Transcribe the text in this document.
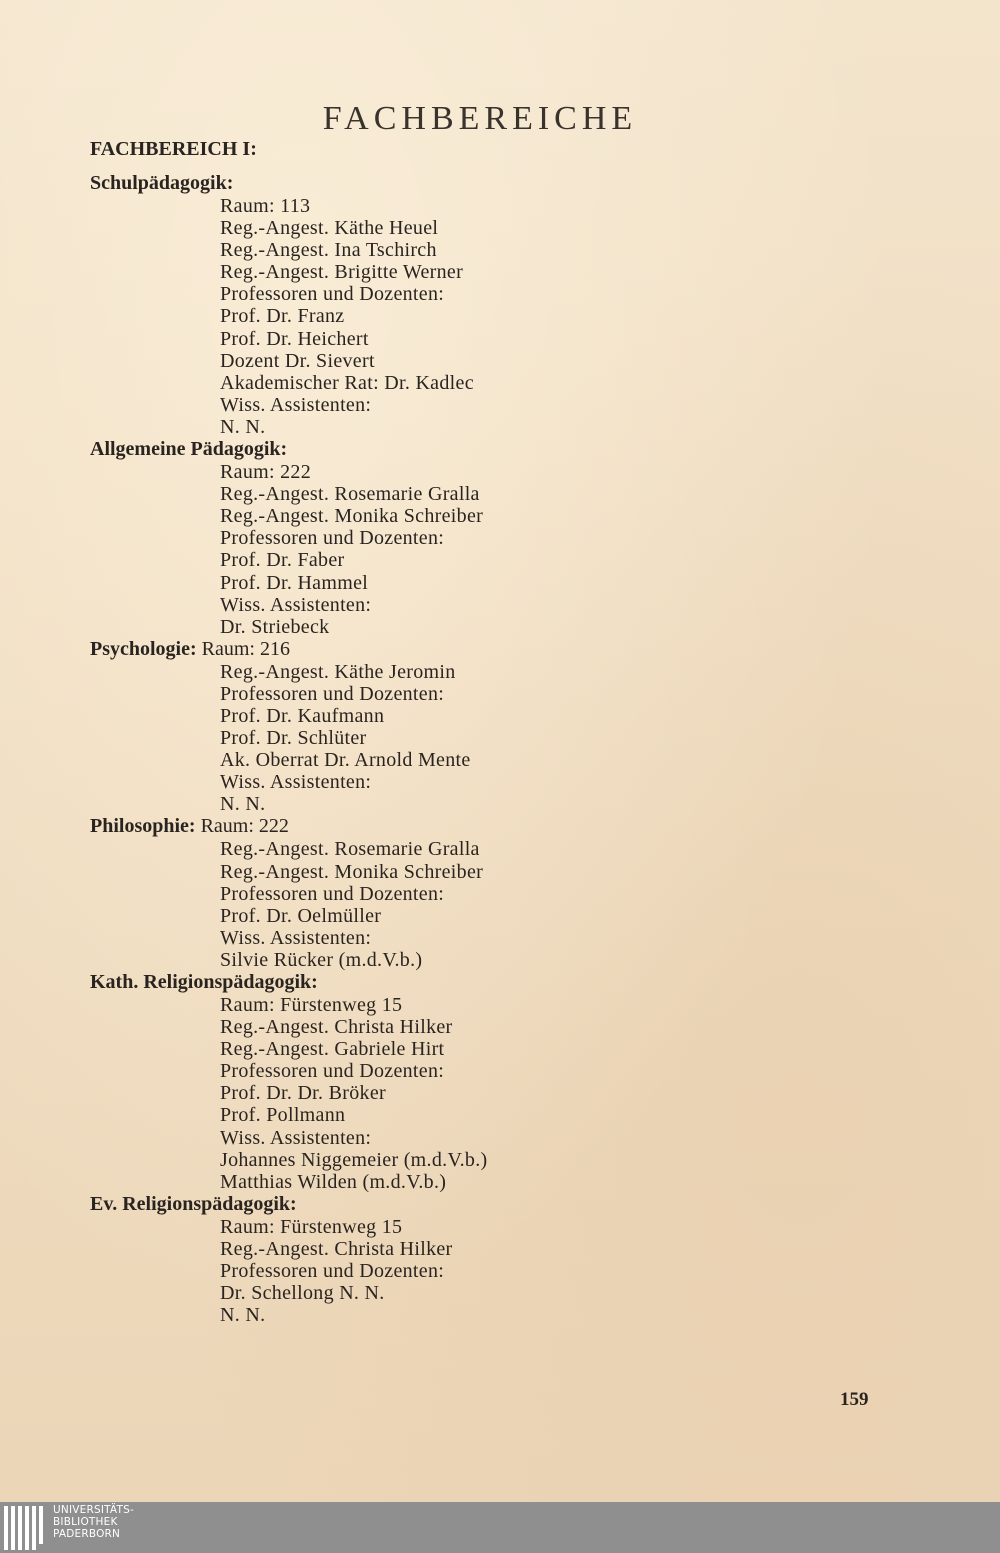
FACHBEREICHE
FACHBEREICH I:
Schulpädagogik:
Raum: 113
Reg.-Angest. Käthe Heuel
Reg.-Angest. Ina Tschirch
Reg.-Angest. Brigitte Werner
Professoren und Dozenten:
Prof. Dr. Franz
Prof. Dr. Heichert
Dozent Dr. Sievert
Akademischer Rat: Dr. Kadlec
Wiss. Assistenten:
N. N.
Allgemeine Pädagogik:
Raum: 222
Reg.-Angest. Rosemarie Gralla
Reg.-Angest. Monika Schreiber
Professoren und Dozenten:
Prof. Dr. Faber
Prof. Dr. Hammel
Wiss. Assistenten:
Dr. Striebeck
Psychologie: Raum: 216
Reg.-Angest. Käthe Jeromin
Professoren und Dozenten:
Prof. Dr. Kaufmann
Prof. Dr. Schlüter
Ak. Oberrat Dr. Arnold Mente
Wiss. Assistenten:
N. N.
Philosophie: Raum: 222
Reg.-Angest. Rosemarie Gralla
Reg.-Angest. Monika Schreiber
Professoren und Dozenten:
Prof. Dr. Oelmüller
Wiss. Assistenten:
Silvie Rücker (m.d.V.b.)
Kath. Religionspädagogik:
Raum: Fürstenweg 15
Reg.-Angest. Christa Hilker
Reg.-Angest. Gabriele Hirt
Professoren und Dozenten:
Prof. Dr. Dr. Bröker
Prof. Pollmann
Wiss. Assistenten:
Johannes Niggemeier (m.d.V.b.)
Matthias Wilden (m.d.V.b.)
Ev. Religionspädagogik:
Raum: Fürstenweg 15
Reg.-Angest. Christa Hilker
Professoren und Dozenten:
Dr. Schellong N. N.
N. N.
159
UNIVERSITÄTS-
BIBLIOTHEK
PADERBORN
